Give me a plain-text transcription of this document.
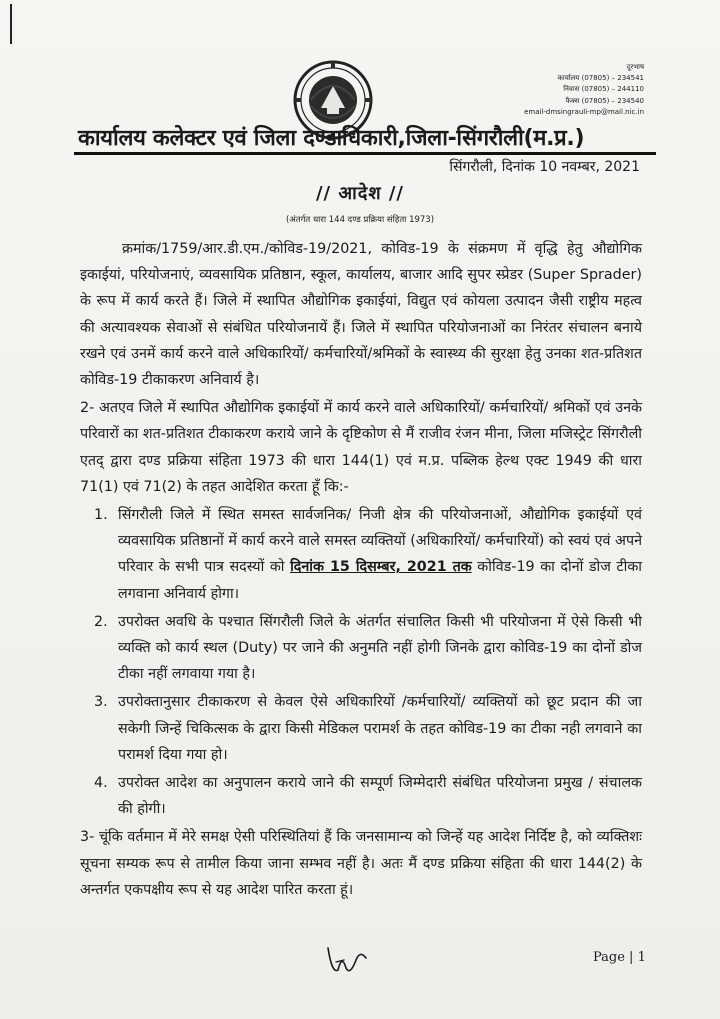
दूरभाष
कार्यालय (07805) – 234541
निवास (07805) – 244110
फैक्स (07805) – 234540
email-dmsingrauli-mp@mail.nic.in
कार्यालय कलेक्टर एवं जिला दण्डाधिकारी,जिला-सिंगरौली(म.प्र.)
सिंगरौली, दिनांक 10 नवम्बर, 2021
// आदेश //
(अंतर्गत धारा 144 दण्ड प्रक्रिया संहिता 1973)

क्रमांक/1759/आर.डी.एम./कोविड-19/2021, कोविड-19 के संक्रमण में वृद्धि हेतु औद्योगिक इकाईयां, परियोजनाएं, व्यवसायिक प्रतिष्ठान, स्कूल, कार्यालय, बाजार आदि सुपर स्प्रेडर (Super Sprader) के रूप में कार्य करते हैं। जिले में स्थापित औद्योगिक इकाईयां, विद्युत एवं कोयला उत्पादन जैसी राष्ट्रीय महत्व की अत्यावश्यक सेवाओं से संबंधित परियोजनायें हैं। जिले में स्थापित परियोजनाओं का निरंतर संचालन बनाये रखने एवं उनमें कार्य करने वाले अधिकारियों/ कर्मचारियों/श्रमिकों के स्वास्थ्य की सुरक्षा हेतु उनका शत-प्रतिशत कोविड-19 टीकाकरण अनिवार्य है।

2- अतएव जिले में स्थापित औद्योगिक इकाईयों में कार्य करने वाले अधिकारियों/ कर्मचारियों/ श्रमिकों एवं उनके परिवारों का शत-प्रतिशत टीकाकरण कराये जाने के दृष्टिकोण से मैं राजीव रंजन मीना, जिला मजिस्ट्रेट सिंगरौली एतद् द्वारा दण्ड प्रक्रिया संहिता 1973 की धारा 144(1) एवं म.प्र. पब्लिक हेल्थ एक्ट 1949 की धारा 71(1) एवं 71(2) के तहत आदेशित करता हूँ कि:-

1. सिंगरौली जिले में स्थित समस्त सार्वजनिक/ निजी क्षेत्र की परियोजनाओं, औद्योगिक इकाईयों एवं व्यवसायिक प्रतिष्ठानों में कार्य करने वाले समस्त व्यक्तियों (अधिकारियों/ कर्मचारियों) को स्वयं एवं अपने परिवार के सभी पात्र सदस्यों को दिनांक 15 दिसम्बर, 2021 तक कोविड-19 का दोनों डोज टीका लगवाना अनिवार्य होगा।
2. उपरोक्त अवधि के पश्चात सिंगरौली जिले के अंतर्गत संचालित किसी भी परियोजना में ऐसे किसी भी व्यक्ति को कार्य स्थल (Duty) पर जाने की अनुमति नहीं होगी जिनके द्वारा कोविड-19 का दोनों डोज टीका नहीं लगवाया गया है।
3. उपरोक्तानुसार टीकाकरण से केवल ऐसे अधिकारियों /कर्मचारियों/ व्यक्तियों को छूट प्रदान की जा सकेगी जिन्हें चिकित्सक के द्वारा किसी मेडिकल परामर्श के तहत कोविड-19 का टीका नही लगवाने का परामर्श दिया गया हो।
4. उपरोक्त आदेश का अनुपालन कराये जाने की सम्पूर्ण जिम्मेदारी संबंधित परियोजना प्रमुख / संचालक की होगी।

3- चूंकि वर्तमान में मेरे समक्ष ऐसी परिस्थितियां हैं कि जनसामान्य को जिन्हें यह आदेश निर्दिष्ट है, को व्यक्तिशः सूचना सम्यक रूप से तामील किया जाना सम्भव नहीं है। अतः मैं दण्ड प्रक्रिया संहिता की धारा 144(2) के अन्तर्गत एकपक्षीय रूप से यह आदेश पारित करता हूं।

Page | 1
